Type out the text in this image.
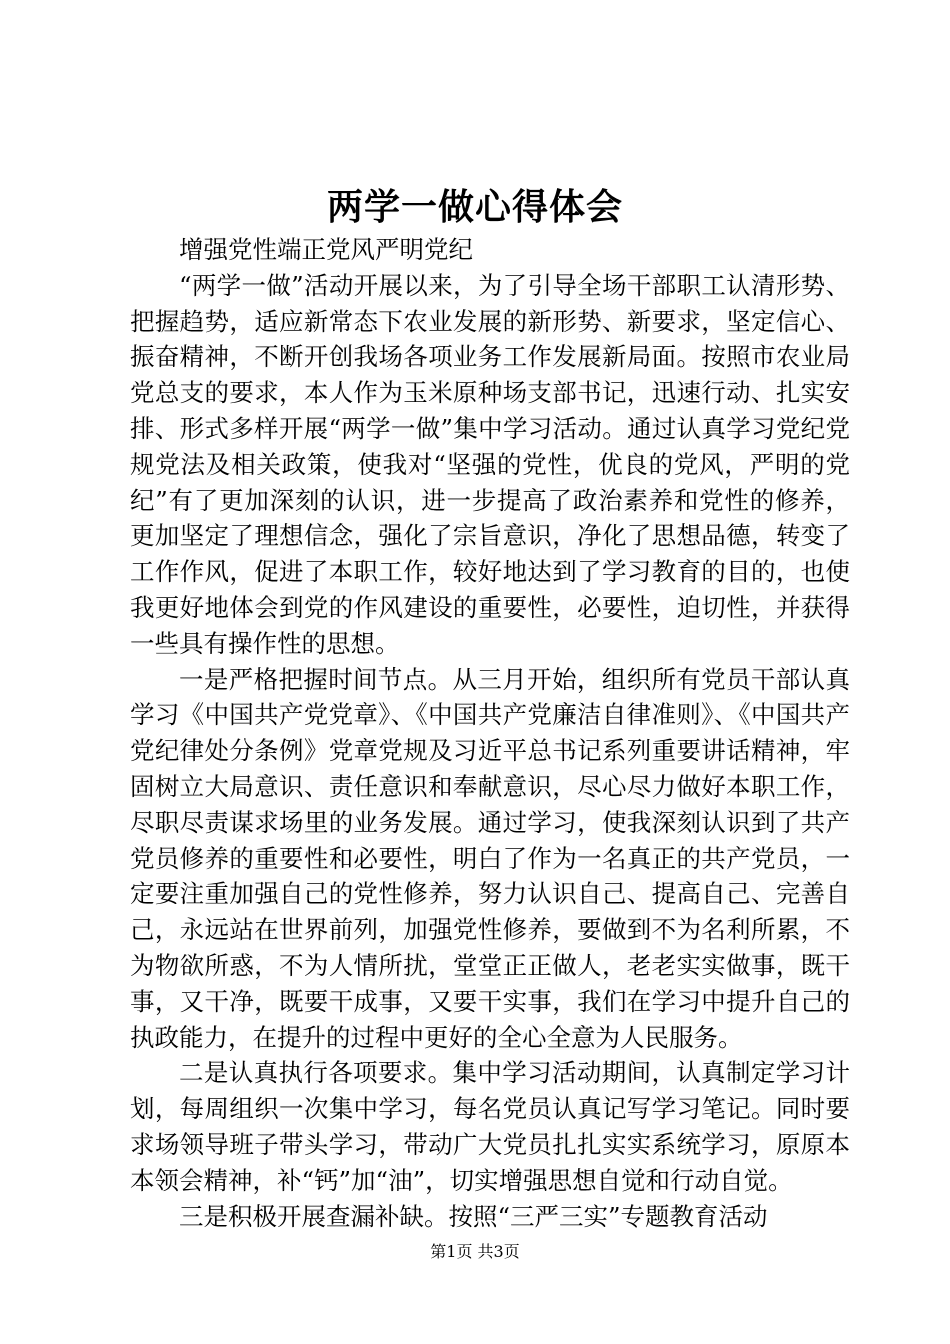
两学一做心得体会

增强党性端正党风严明党纪

“两学一做”活动开展以来，为了引导全场干部职工认清形势、把握趋势，适应新常态下农业发展的新形势、新要求，坚定信心、振奋精神，不断开创我场各项业务工作发展新局面。按照市农业局党总支的要求，本人作为玉米原种场支部书记，迅速行动、扎实安排、形式多样开展“两学一做”集中学习活动。通过认真学习党纪党规党法及相关政策，使我对“坚强的党性，优良的党风，严明的党纪”有了更加深刻的认识，进一步提高了政治素养和党性的修养，更加坚定了理想信念，强化了宗旨意识，净化了思想品德，转变了工作作风，促进了本职工作，较好地达到了学习教育的目的，也使我更好地体会到党的作风建设的重要性，必要性，迫切性，并获得一些具有操作性的思想。

一是严格把握时间节点。从三月开始，组织所有党员干部认真学习《中国共产党党章》、《中国共产党廉洁自律准则》、《中国共产党纪律处分条例》党章党规及习近平总书记系列重要讲话精神，牢固树立大局意识、责任意识和奉献意识，尽心尽力做好本职工作，尽职尽责谋求场里的业务发展。通过学习，使我深刻认识到了共产党员修养的重要性和必要性，明白了作为一名真正的共产党员，一定要注重加强自己的党性修养，努力认识自己、提高自己、完善自己，永远站在世界前列，加强党性修养，要做到不为名利所累，不为物欲所惑，不为人情所扰，堂堂正正做人，老老实实做事，既干事，又干净，既要干成事，又要干实事，我们在学习中提升自己的执政能力，在提升的过程中更好的全心全意为人民服务。

二是认真执行各项要求。集中学习活动期间，认真制定学习计划，每周组织一次集中学习，每名党员认真记写学习笔记。同时要求场领导班子带头学习，带动广大党员扎扎实实系统学习，原原本本领会精神，补“钙”加“油”，切实增强思想自觉和行动自觉。

三是积极开展查漏补缺。按照“三严三实”专题教育活动

第1页 共3页
